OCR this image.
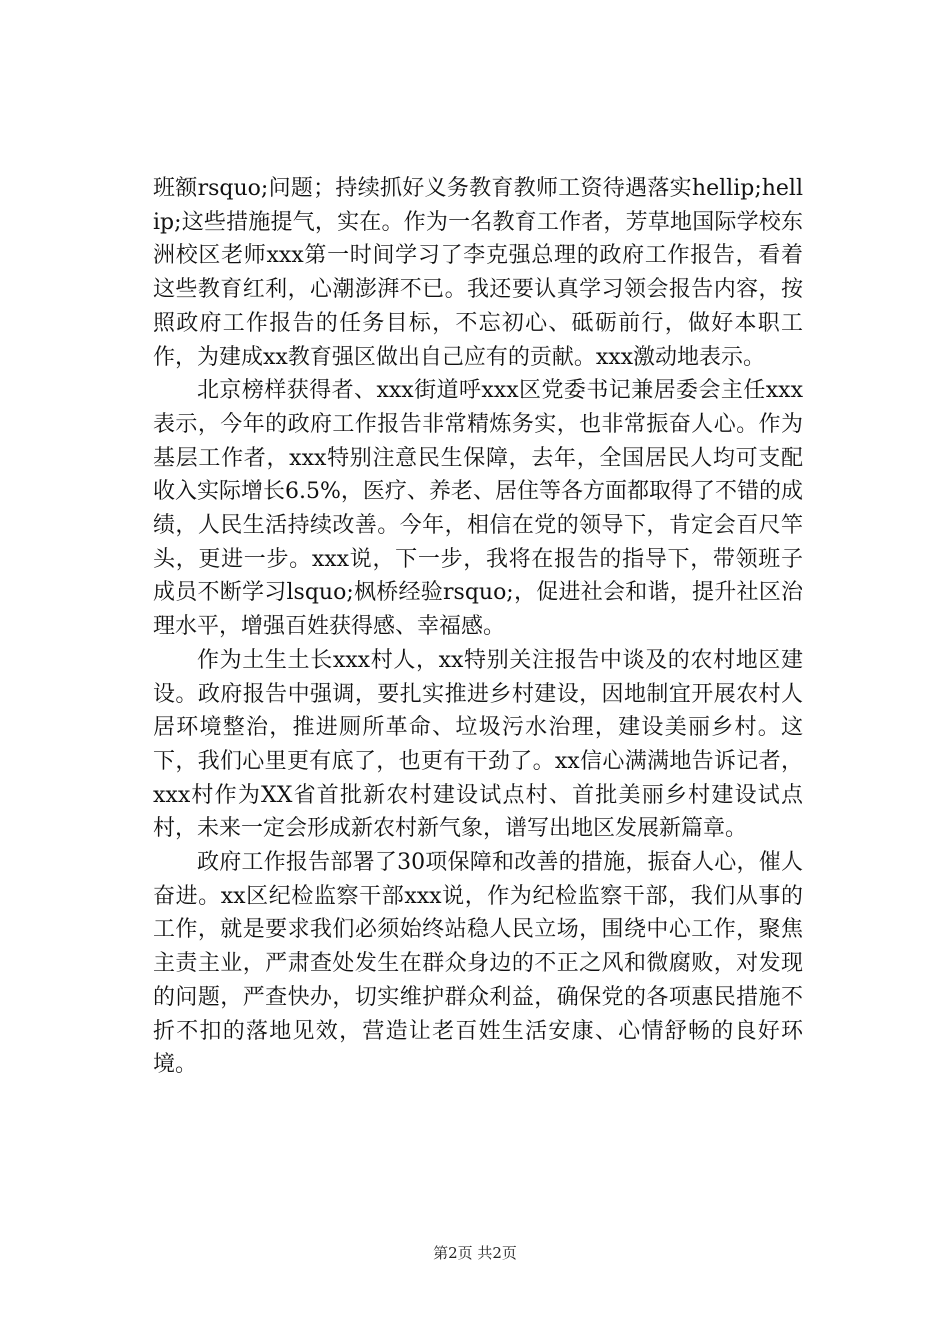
班额rsquo;问题；持续抓好义务教育教师工资待遇落实hellip;hellip;这些措施提气，实在。作为一名教育工作者，芳草地国际学校东洲校区老师xxx第一时间学习了李克强总理的政府工作报告，看着这些教育红利，心潮澎湃不已。我还要认真学习领会报告内容，按照政府工作报告的任务目标，不忘初心、砥砺前行，做好本职工作，为建成xx教育强区做出自己应有的贡献。xxx激动地表示。

北京榜样获得者、xxx街道呼xxx区党委书记兼居委会主任xxx表示，今年的政府工作报告非常精炼务实，也非常振奋人心。作为基层工作者，xxx特别注意民生保障，去年，全国居民人均可支配收入实际增长6.5%，医疗、养老、居住等各方面都取得了不错的成绩，人民生活持续改善。今年，相信在党的领导下，肯定会百尺竿头，更进一步。xxx说，下一步，我将在报告的指导下，带领班子成员不断学习lsquo;枫桥经验rsquo;，促进社会和谐，提升社区治理水平，增强百姓获得感、幸福感。

作为土生土长xxx村人，xx特别关注报告中谈及的农村地区建设。政府报告中强调，要扎实推进乡村建设，因地制宜开展农村人居环境整治，推进厕所革命、垃圾污水治理，建设美丽乡村。这下，我们心里更有底了，也更有干劲了。xx信心满满地告诉记者，xxx村作为XX省首批新农村建设试点村、首批美丽乡村建设试点村，未来一定会形成新农村新气象，谱写出地区发展新篇章。

政府工作报告部署了30项保障和改善的措施，振奋人心，催人奋进。xx区纪检监察干部xxx说，作为纪检监察干部，我们从事的工作，就是要求我们必须始终站稳人民立场，围绕中心工作，聚焦主责主业，严肃查处发生在群众身边的不正之风和微腐败，对发现的问题，严查快办，切实维护群众利益，确保党的各项惠民措施不折不扣的落地见效，营造让老百姓生活安康、心情舒畅的良好环境。

第2页 共2页
